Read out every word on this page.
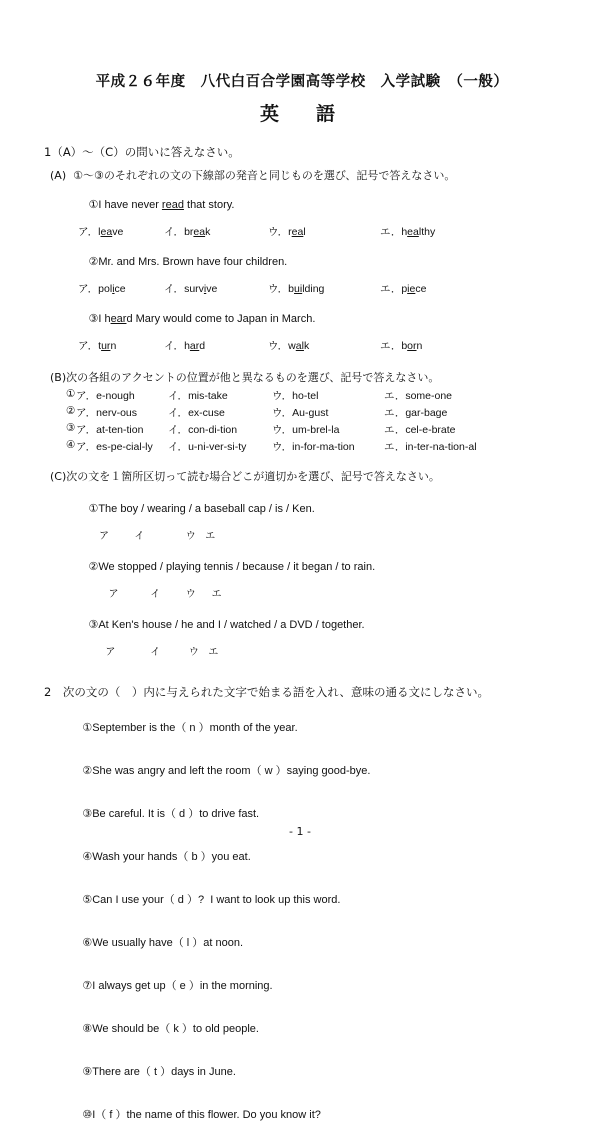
平成２６年度　八代白百合学園高等学校　入学試験　（一般）
英　語
1（A）〜（C）の問いに答えなさい。
(A)  ①〜③のそれぞれの文の下線部の発音と同じものを選び、記号で答えなさい。

①I have never read that story.

ア．leave	イ．break	ウ．real	エ．healthy

②Mr. and Mrs. Brown have four children.

ア．police	イ．survive	ウ．building	エ．piece

③I heard Mary would come to Japan in March.

ア．turn	イ．hard	ウ．walk	エ．born
(B)次の各組のアクセントの位置が他と異なるものを選び、記号で答えなさい。
① ア．e-nough	イ．mis-take	ウ．ho-tel	エ．some-one
② ア．nerv-ous	イ．ex-cuse	ウ．Au-gust	エ．gar-bage
③ ア．at-ten-tion	イ．con-di-tion	ウ．um-brel-la	エ．cel-e-brate
④ ア．es-pe-cial-ly	イ．u-ni-ver-si-ty	ウ．in-for-ma-tion	エ．in-ter-na-tion-al
(C)次の文を１箇所区切って読む場合どこが適切かを選び、記号で答えなさい。

①The boy / wearing / a baseball cap / is / Ken.

ア        イ             ウ   エ

②We stopped / playing tennis / because / it began / to rain.

ア          イ        ウ     エ

③At Ken's house / he and I / watched / a DVD / together.

ア           イ         ウ   エ
2　次の文の（　）内に与えられた文字で始まる語を入れ、意味の通る文にしなさい。

①September is the（ n ）month of the year.

②She was angry and left the room（ w ）saying good-bye.

③Be careful. It is（ d ）to drive fast.

④Wash your hands（ b ）you eat.

⑤Can I use your（ d ）?  I want to look up this word.

⑥We usually have（ l ）at noon.

⑦I always get up（ e ）in the morning.

⑧We should be（ k ）to old people.

⑨There are（ t ）days in June.

⑩I（ f ）the name of this flower. Do you know it?

- 1 -
